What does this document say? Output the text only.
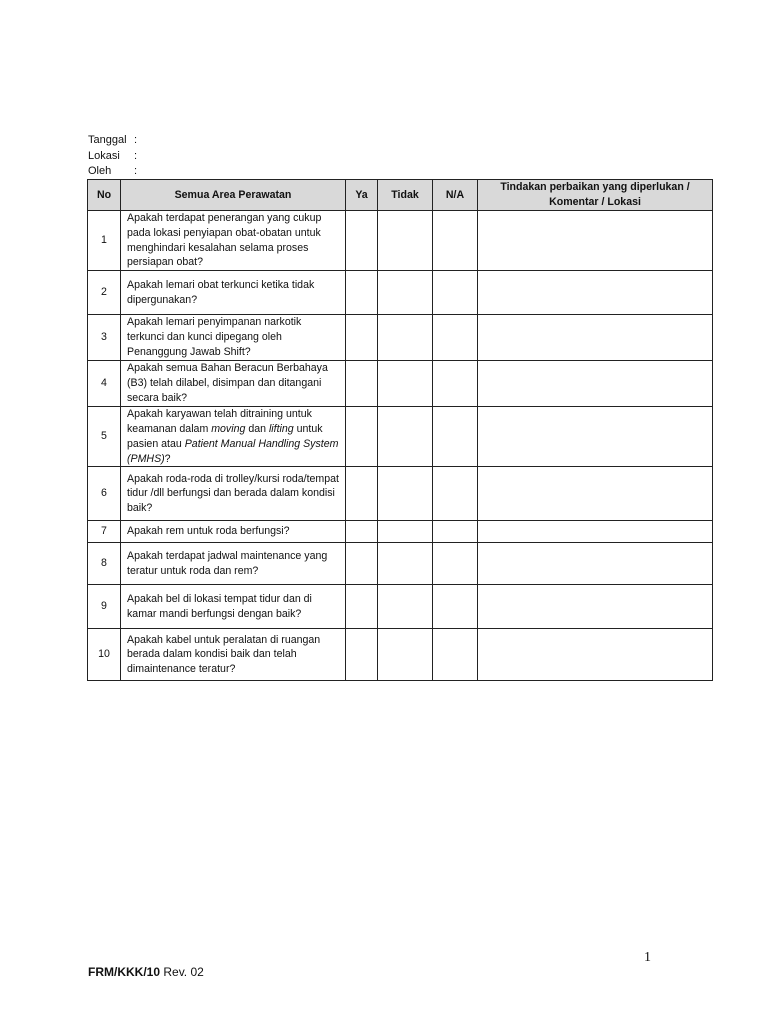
Tanggal :
Lokasi	:
Oleh	:
No	Semua Area Perawatan	Ya	Tidak	N/A	Tindakan perbaikan yang diperlukan / Komentar / Lokasi
1	Apakah terdapat penerangan yang cukup pada lokasi penyiapan obat-obatan untuk menghindari kesalahan selama proses persiapan obat?				
2	Apakah lemari obat terkunci ketika tidak dipergunakan?				
3	Apakah lemari penyimpanan narkotik terkunci dan kunci dipegang oleh Penanggung Jawab Shift?				
4	Apakah semua Bahan Beracun Berbahaya (B3) telah dilabel, disimpan dan ditangani secara baik?				
5	Apakah karyawan telah ditraining untuk keamanan dalam moving dan lifting untuk pasien atau Patient Manual Handling System (PMHS)?				
6	Apakah roda-roda di trolley/kursi roda/tempat tidur /dll berfungsi dan berada dalam kondisi baik?				
7	Apakah rem untuk roda berfungsi?				
8	Apakah terdapat jadwal maintenance yang teratur untuk roda dan rem?				
9	Apakah bel di lokasi tempat tidur dan di kamar mandi berfungsi dengan baik?				
10	Apakah kabel untuk peralatan di ruangan berada dalam kondisi baik dan telah dimaintenance teratur?				
1
FRM/KKK/10 Rev. 02
